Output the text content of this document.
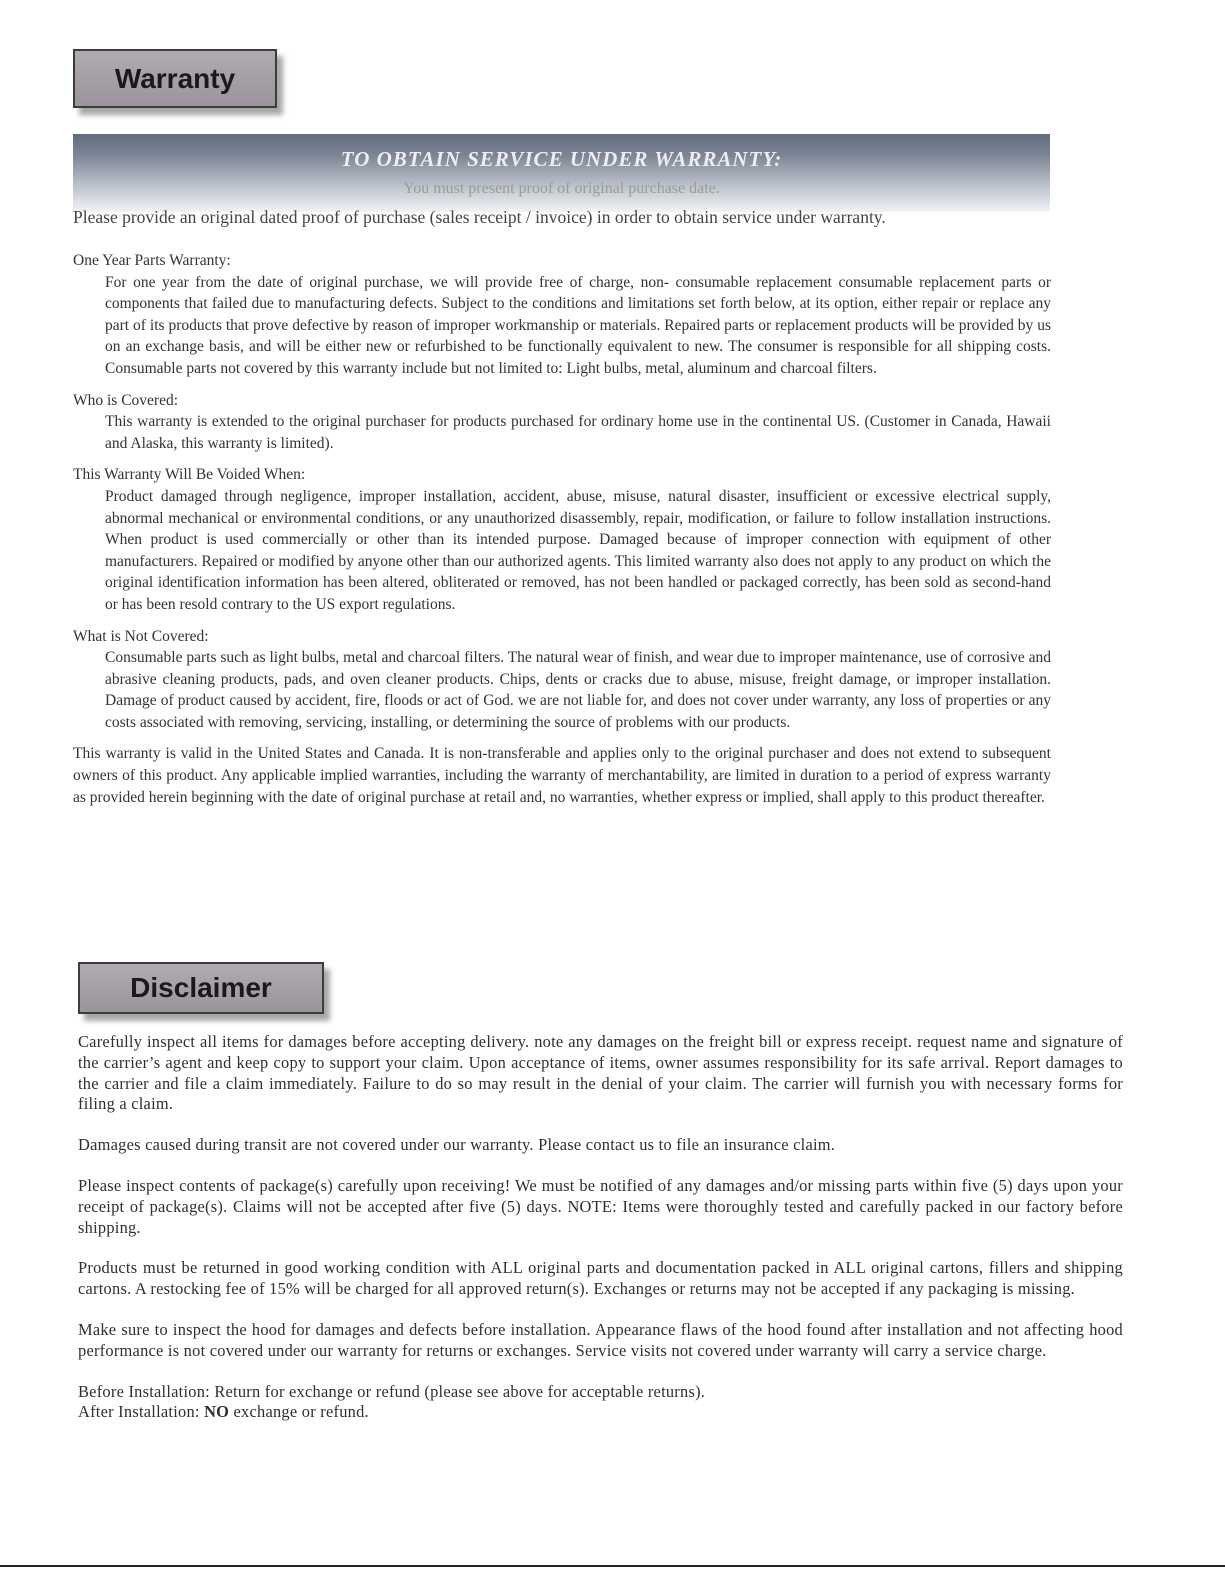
Warranty
TO OBTAIN SERVICE UNDER WARRANTY:
You must present proof of original purchase date.
Please provide an original dated proof of purchase (sales receipt / invoice) in order to obtain service under warranty.
One Year Parts Warranty:
For one year from the date of original purchase, we will provide free of charge, non- consumable replacement consumable replacement parts or components that failed due to manufacturing defects. Subject to the conditions and limitations set forth below, at its option, either repair or replace any part of its products that prove defective by reason of improper workmanship or materials. Repaired parts or replacement products will be provided by us on an exchange basis, and will be either new or refurbished to be functionally equivalent to new. The consumer is responsible for all shipping costs. Consumable parts not covered by this warranty include but not limited to: Light bulbs, metal, aluminum and charcoal filters.
Who is Covered:
This warranty is extended to the original purchaser for products purchased for ordinary home use in the continental US. (Customer in Canada, Hawaii and Alaska, this warranty is limited).
This Warranty Will Be Voided When:
Product damaged through negligence, improper installation, accident, abuse, misuse, natural disaster, insufficient or excessive electrical supply, abnormal mechanical or environmental conditions, or any unauthorized disassembly, repair, modification, or failure to follow installation instructions. When product is used commercially or other than its intended purpose. Damaged because of improper connection with equipment of other manufacturers. Repaired or modified by anyone other than our authorized agents. This limited warranty also does not apply to any product on which the original identification information has been altered, obliterated or removed, has not been handled or packaged correctly, has been sold as second-hand or has been resold contrary to the US export regulations.
What is Not Covered:
Consumable parts such as light bulbs, metal and charcoal filters. The natural wear of finish, and wear due to improper maintenance, use of corrosive and abrasive cleaning products, pads, and oven cleaner products. Chips, dents or cracks due to abuse, misuse, freight damage, or improper installation. Damage of product caused by accident, fire, floods or act of God. we are not liable for, and does not cover under warranty, any loss of properties or any costs associated with removing, servicing, installing, or determining the source of problems with our products.
This warranty is valid in the United States and Canada. It is non-transferable and applies only to the original purchaser and does not extend to subsequent owners of this product. Any applicable implied warranties, including the warranty of merchantability, are limited in duration to a period of express warranty as provided herein beginning with the date of original purchase at retail and, no warranties, whether express or implied, shall apply to this product thereafter.
Disclaimer

Carefully inspect all items for damages before accepting delivery. note any damages on the freight bill or express receipt. request name and signature of the carrier’s agent and keep copy to support your claim. Upon acceptance of items, owner assumes responsibility for its safe arrival. Report damages to the carrier and file a claim immediately. Failure to do so may result in the denial of your claim. The carrier will furnish you with necessary forms for filing a claim.

Damages caused during transit are not covered under our warranty. Please contact us to file an insurance claim.

Please inspect contents of package(s) carefully upon receiving! We must be notified of any damages and/or missing parts within five (5) days upon your receipt of package(s). Claims will not be accepted after five (5) days. NOTE: Items were thoroughly tested and carefully packed in our factory before shipping.

Products must be returned in good working condition with ALL original parts and documentation packed in ALL original cartons, fillers and shipping cartons. A restocking fee of 15% will be charged for all approved return(s). Exchanges or returns may not be accepted if any packaging is missing.

Make sure to inspect the hood for damages and defects before installation. Appearance flaws of the hood found after installation and not affecting hood performance is not covered under our warranty for returns or exchanges. Service visits not covered under warranty will carry a service charge.

Before Installation: Return for exchange or refund (please see above for acceptable returns).

After Installation: NO exchange or refund.
